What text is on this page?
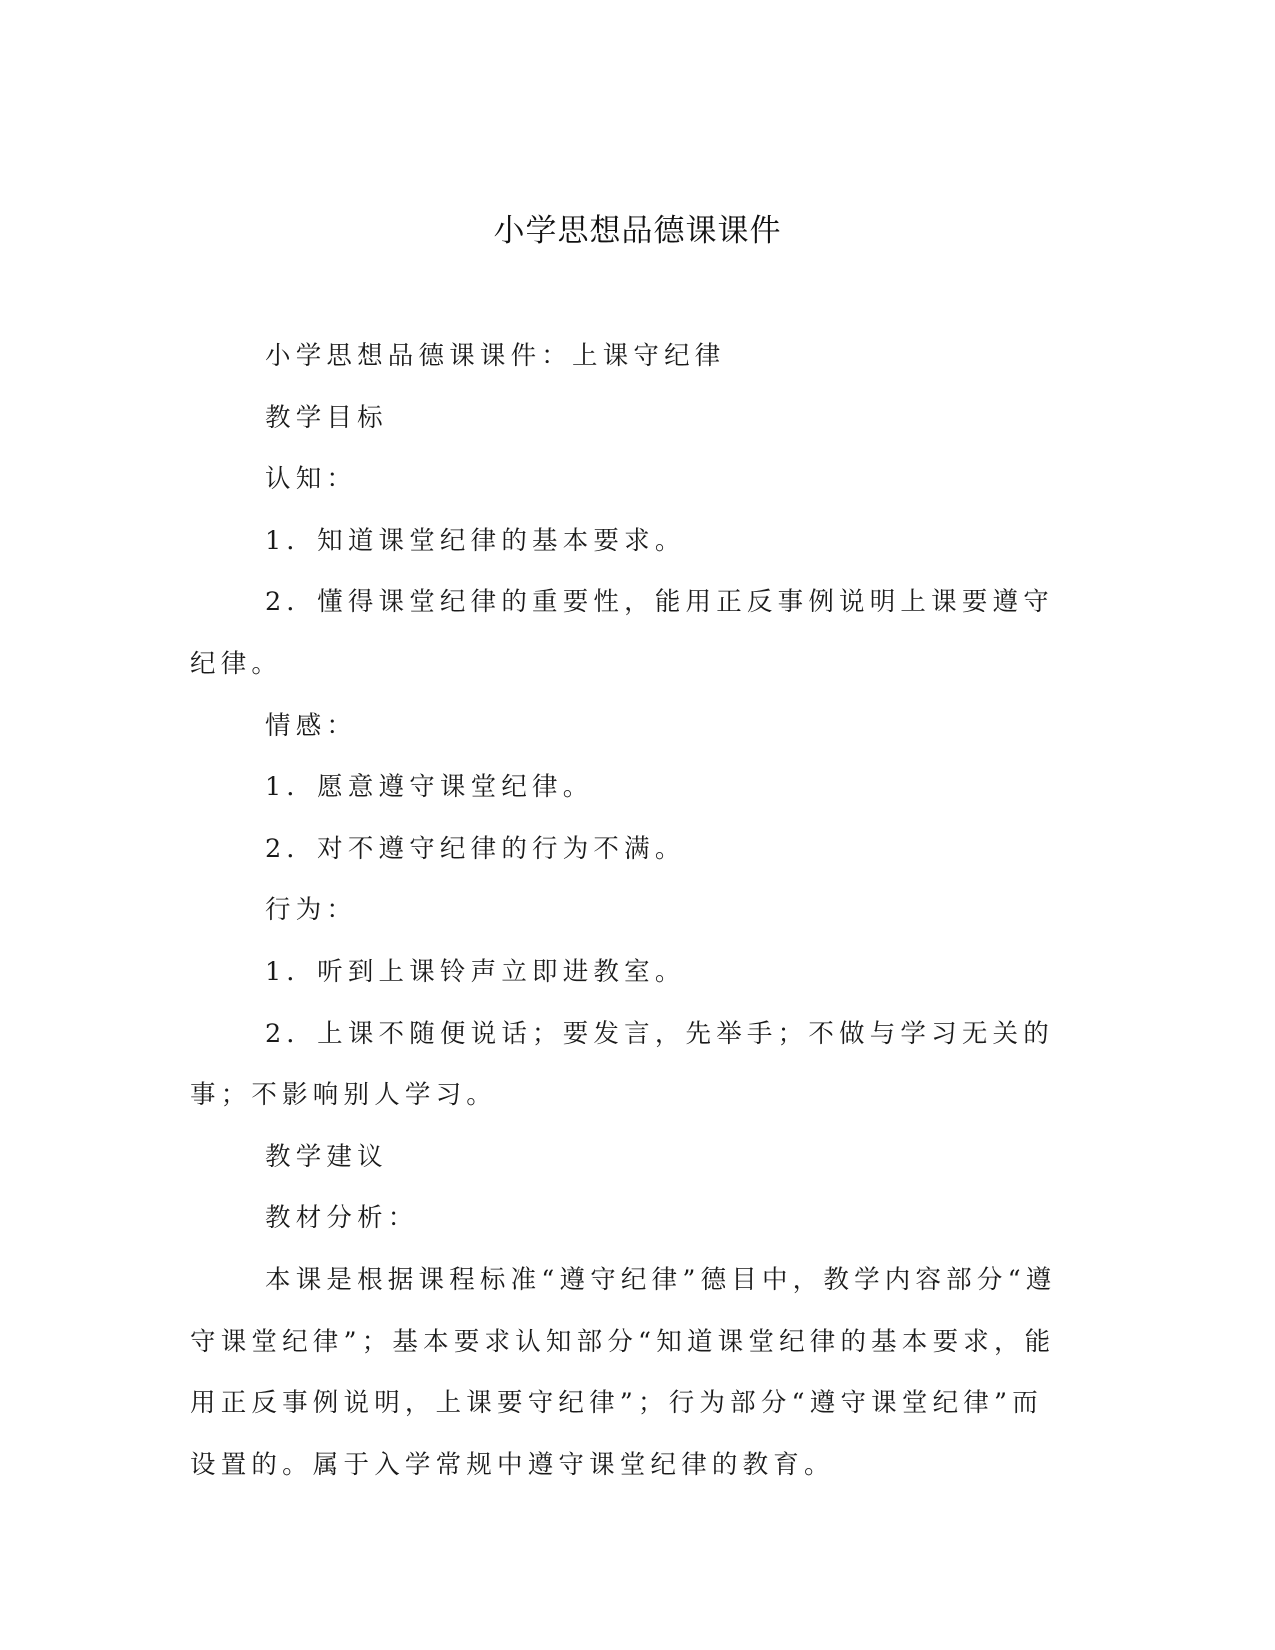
小学思想品德课课件

小学思想品德课课件：上课守纪律

教学目标

认知：

1．知道课堂纪律的基本要求。

2．懂得课堂纪律的重要性，能用正反事例说明上课要遵守纪律。

情感：

1．愿意遵守课堂纪律。

2．对不遵守纪律的行为不满。

行为：

1．听到上课铃声立即进教室。

2．上课不随便说话；要发言，先举手；不做与学习无关的事；不影响别人学习。

教学建议

教材分析：

本课是根据课程标准“遵守纪律”德目中，教学内容部分“遵守课堂纪律”；基本要求认知部分“知道课堂纪律的基本要求，能用正反事例说明，上课要守纪律”；行为部分“遵守课堂纪律”而设置的。属于入学常规中遵守课堂纪律的教育。
